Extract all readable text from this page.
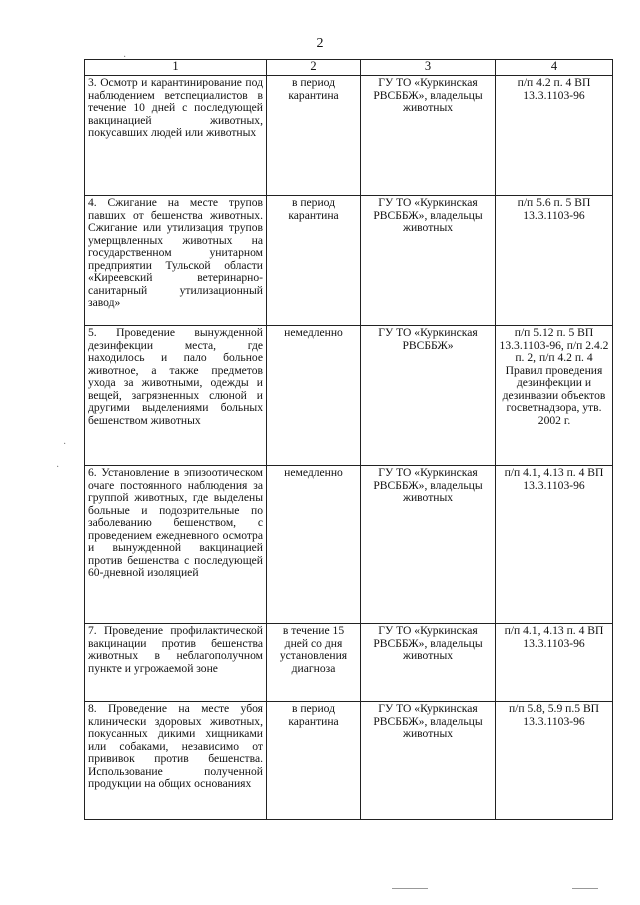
2
·
·
·
1	2	3	4
3. Осмотр и карантинирование под наблюдением ветспециалистов в течение 10 дней с последующей вакцинацией животных, покусавших людей или животных	в период карантина	ГУ ТО «Куркинская РВСББЖ», владельцы животных	п/п 4.2 п. 4 ВП 13.3.1103-96
4. Сжигание на месте трупов павших от бешенства животных. Сжигание или утилизация трупов умерщвленных животных на государственном унитарном предприятии Тульской области «Киреевский ветеринарно-санитарный утилизационный завод»	в период карантина	ГУ ТО «Куркинская РВСББЖ», владельцы животных	п/п 5.6 п. 5 ВП 13.3.1103-96
5. Проведение вынужденной дезинфекции места, где находилось и пало больное животное, а также предметов ухода за животными, одежды и вещей, загрязненных слюной и другими выделениями больных бешенством животных	немедленно	ГУ ТО «Куркинская РВСББЖ»	п/п 5.12 п. 5 ВП 13.3.1103-96, п/п 2.4.2 п. 2, п/п 4.2 п. 4 Правил проведения дезинфекции и дезинвазии объектов госветнадзора, утв. 2002 г.
6. Установление в эпизоотическом очаге постоянного наблюдения за группой животных, где выделены больные и подозрительные по заболеванию бешенством, с проведением ежедневного осмотра и вынужденной вакцинацией против бешенства с последующей 60-дневной изоляцией	немедленно	ГУ ТО «Куркинская РВСББЖ», владельцы животных	п/п 4.1, 4.13 п. 4 ВП 13.3.1103-96
7. Проведение профилактической вакцинации против бешенства животных в неблагополучном пункте и угрожаемой зоне	в течение 15 дней со дня установления диагноза	ГУ ТО «Куркинская РВСББЖ», владельцы животных	п/п 4.1, 4.13 п. 4 ВП 13.3.1103-96
8. Проведение на месте убоя клинически здоровых животных, покусанных дикими хищниками или собаками, независимо от прививок против бешенства. Использование полученной продукции на общих основаниях	в период карантина	ГУ ТО «Куркинская РВСББЖ», владельцы животных	п/п 5.8, 5.9 п.5 ВП 13.3.1103-96
